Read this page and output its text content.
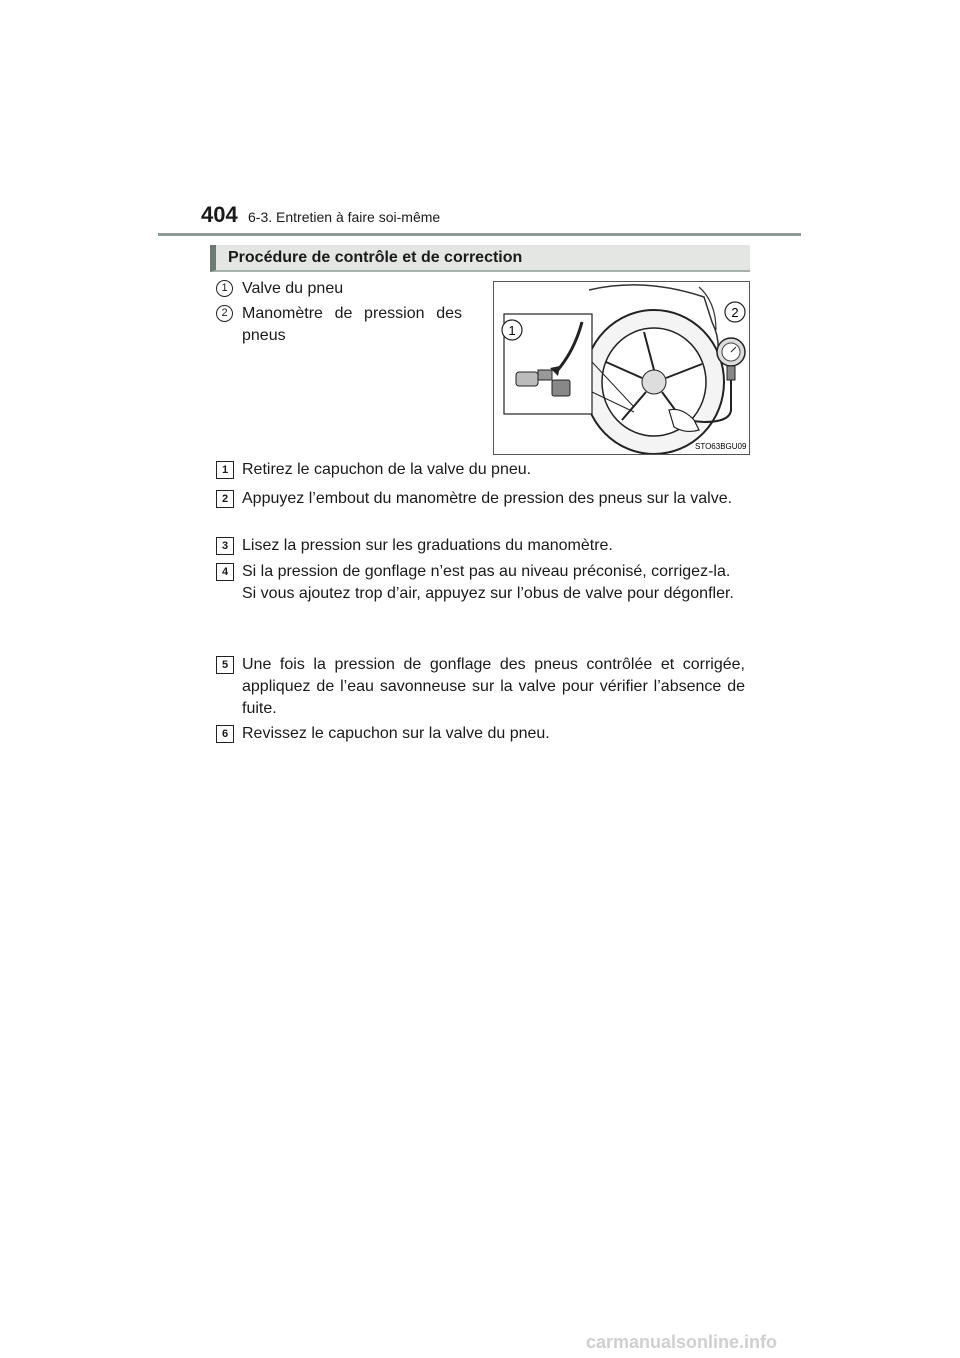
404 6-3. Entretien à faire soi-même
Procédure de contrôle et de correction
1 Valve du pneu
2 Manomètre de pression des pneus	1
2
STO63BGU09
1 Retirez le capuchon de la valve du pneu.
2 Appuyez l’embout du manomètre de pression des pneus sur la valve.
3 Lisez la pression sur les graduations du manomètre.
4 Si la pression de gonflage n’est pas au niveau préconisé, corrigez-la.
Si vous ajoutez trop d’air, appuyez sur l’obus de valve pour dégonfler.
5 Une fois la pression de gonflage des pneus contrôlée et corrigée, appliquez de l’eau savonneuse sur la valve pour vérifier l’absence de fuite.
6 Revissez le capuchon sur la valve du pneu.
carmanualsonline.info
